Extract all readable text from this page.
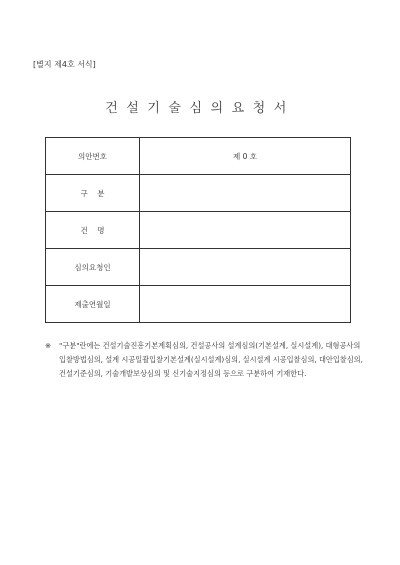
[별지 제4호 서식]
건설기술심의요청서
의안번호	제 0 호
구    분	
건    명	
심의요청인	
제출연월일	
※	"구분"란에는 건설기술진흥기본계획심의, 건설공사의 설계심의(기본설계, 실시설계), 대형공사의 입찰방법심의, 설계 시공일괄입찰기본설계(실시설계)심의, 실시설계 시공입찰심의, 대안입찰심의, 건설기준심의, 기술개발보상심의 및 신기술지정심의 등으로 구분하여 기재한다.
